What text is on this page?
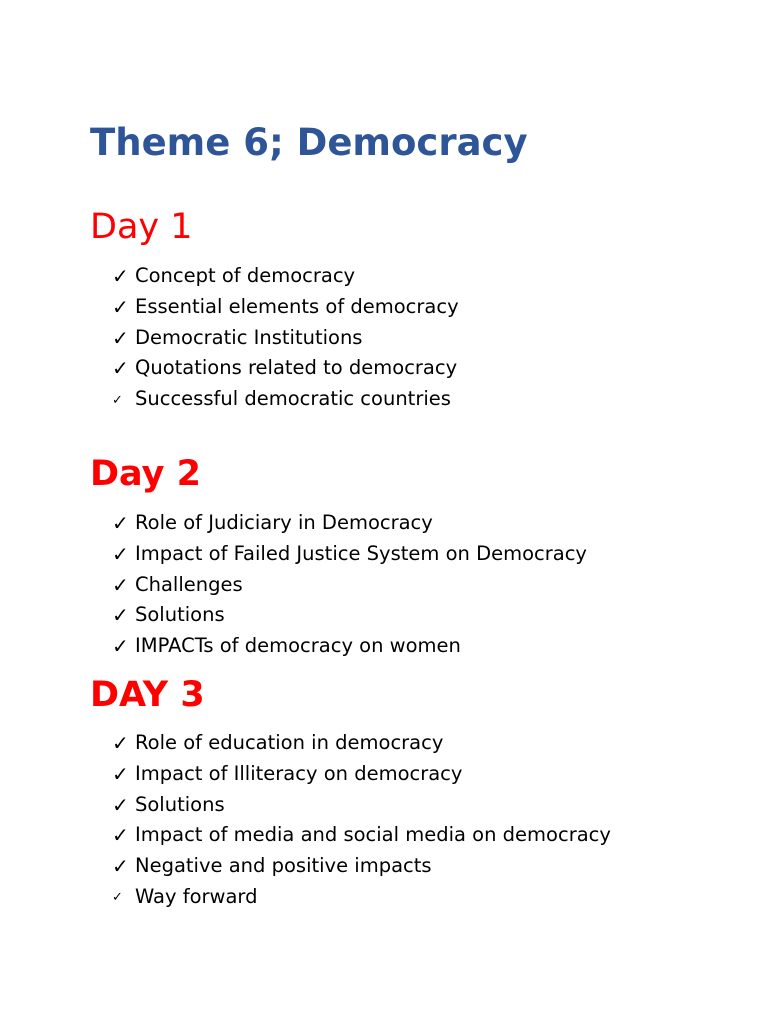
Theme 6; Democracy
Day 1
✓ Concept of democracy
✓ Essential elements of democracy
✓ Democratic Institutions
✓ Quotations related to democracy
✓ Successful democratic countries
Day 2
✓ Role of Judiciary in Democracy
✓ Impact of Failed Justice System on Democracy
✓ Challenges
✓ Solutions
✓ IMPACTs of democracy on women
DAY 3
✓ Role of education in democracy
✓ Impact of Illiteracy on democracy
✓ Solutions
✓ Impact of media and social media on democracy
✓ Negative and positive impacts
✓ Way forward
